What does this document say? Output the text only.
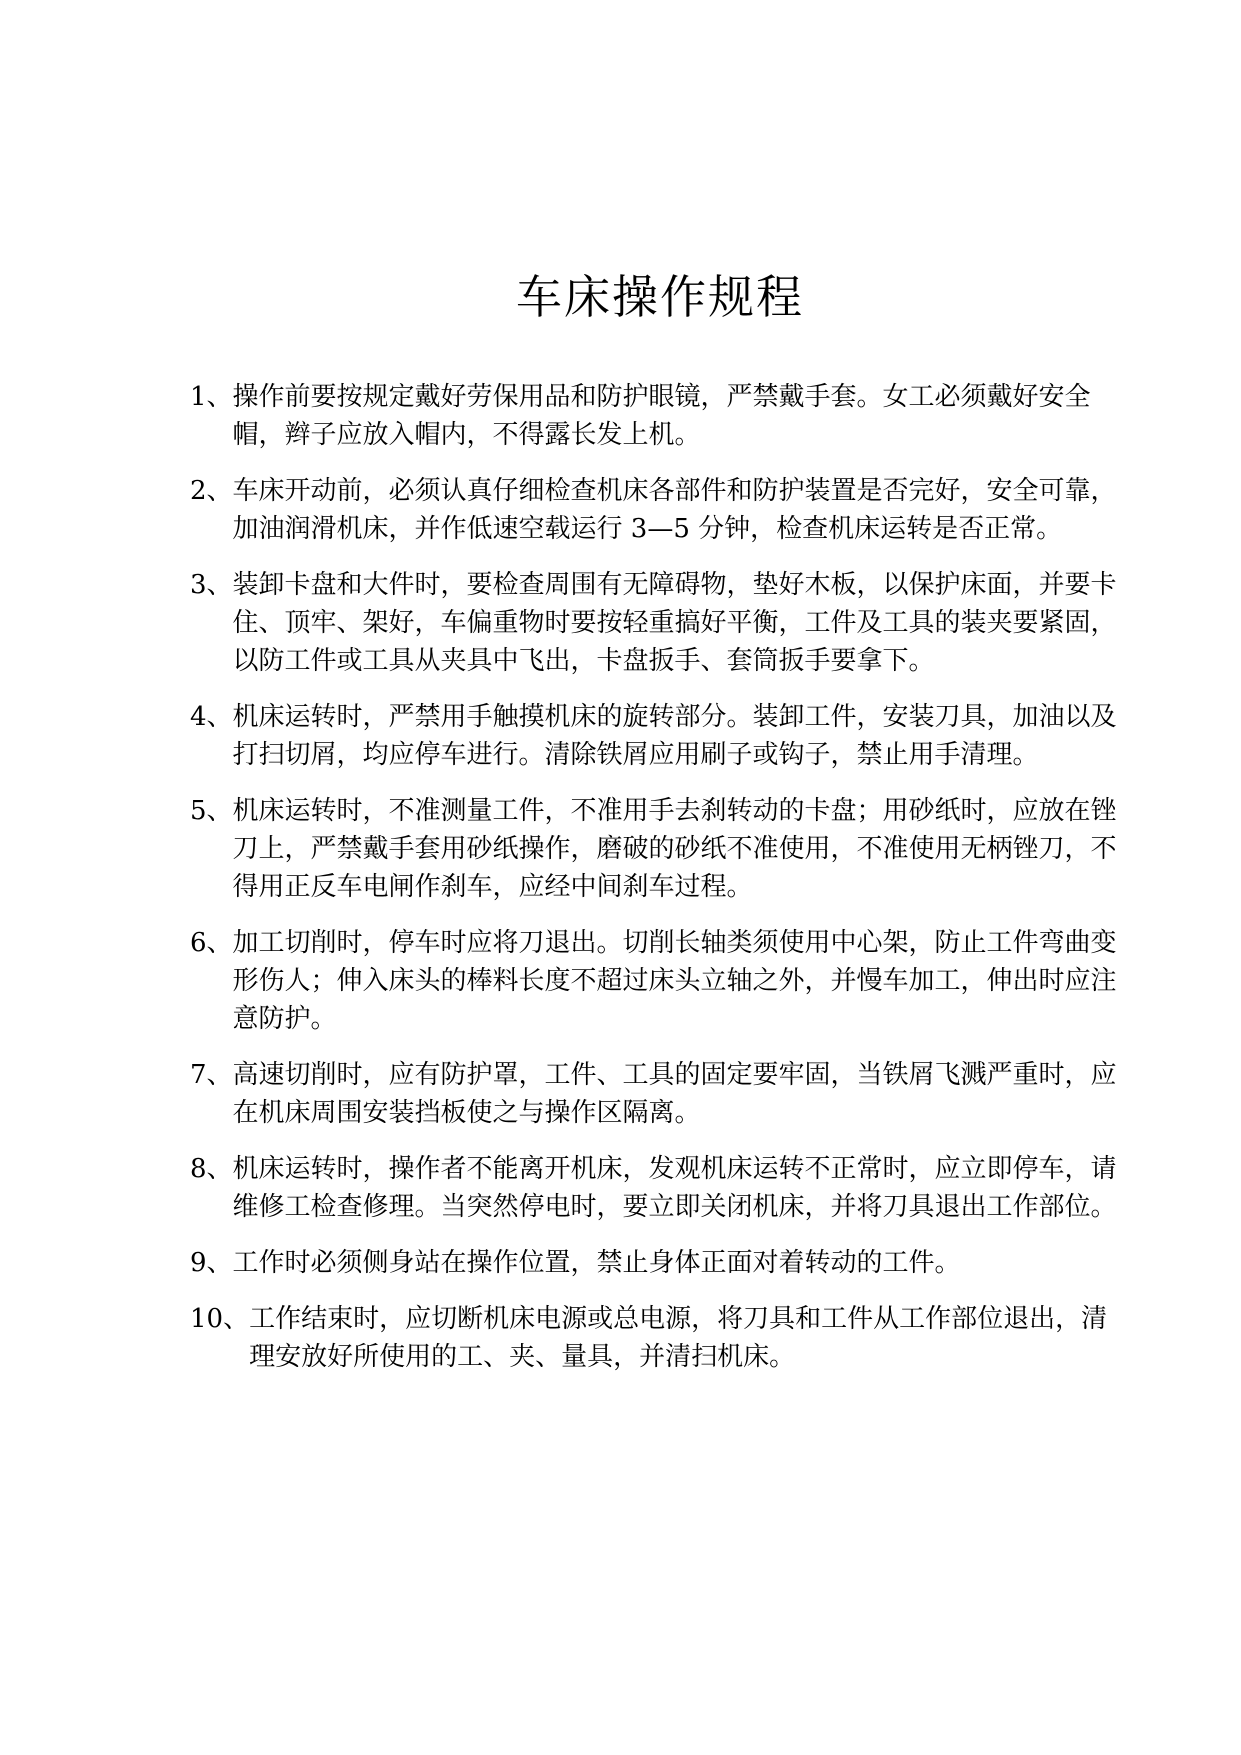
车床操作规程
1、 操作前要按规定戴好劳保用品和防护眼镜，严禁戴手套。女工必须戴好安全帽，辫子应放入帽内，不得露长发上机。
2、 车床开动前，必须认真仔细检查机床各部件和防护装置是否完好，安全可靠，加油润滑机床，并作低速空载运行 3—5 分钟，检查机床运转是否正常。
3、 装卸卡盘和大件时，要检查周围有无障碍物，垫好木板，以保护床面，并要卡住、顶牢、架好，车偏重物时要按轻重搞好平衡，工件及工具的装夹要紧固，以防工件或工具从夹具中飞出，卡盘扳手、套筒扳手要拿下。
4、 机床运转时，严禁用手触摸机床的旋转部分。装卸工件，安装刀具，加油以及打扫切屑，均应停车进行。清除铁屑应用刷子或钩子，禁止用手清理。
5、 机床运转时，不准测量工件，不准用手去刹转动的卡盘；用砂纸时，应放在锉刀上，严禁戴手套用砂纸操作，磨破的砂纸不准使用，不准使用无柄锉刀，不得用正反车电闸作刹车，应经中间刹车过程。
6、 加工切削时，停车时应将刀退出。切削长轴类须使用中心架，防止工件弯曲变形伤人；伸入床头的棒料长度不超过床头立轴之外，并慢车加工，伸出时应注意防护。
7、 高速切削时，应有防护罩，工件、工具的固定要牢固，当铁屑飞溅严重时，应在机床周围安装挡板使之与操作区隔离。
8、 机床运转时，操作者不能离开机床，发观机床运转不正常时，应立即停车，请维修工检查修理。当突然停电时，要立即关闭机床，并将刀具退出工作部位。
9、 工作时必须侧身站在操作位置，禁止身体正面对着转动的工件。
10、 工作结束时，应切断机床电源或总电源，将刀具和工件从工作部位退出，清理安放好所使用的工、夹、量具，并清扫机床。
